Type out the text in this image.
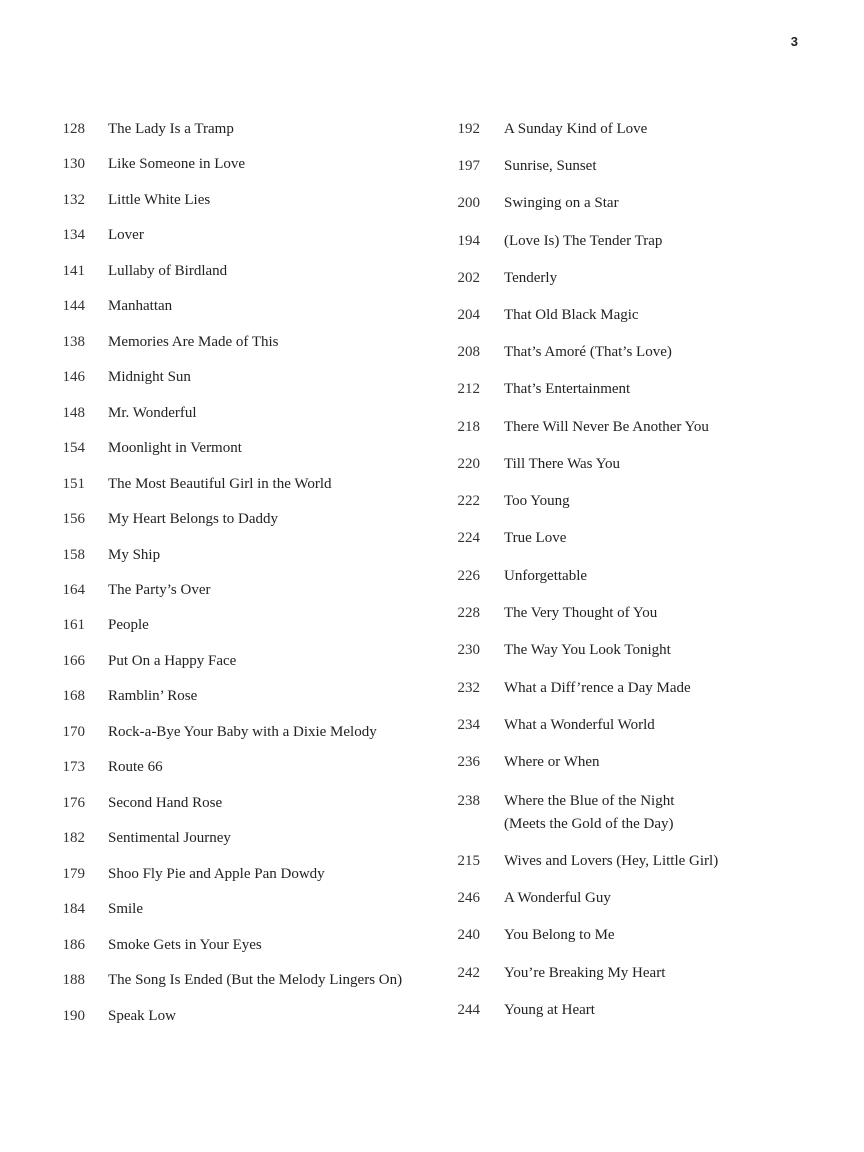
3
128 The Lady Is a Tramp
130 Like Someone in Love
132 Little White Lies
134 Lover
141 Lullaby of Birdland
144 Manhattan
138 Memories Are Made of This
146 Midnight Sun
148 Mr. Wonderful
154 Moonlight in Vermont
151 The Most Beautiful Girl in the World
156 My Heart Belongs to Daddy
158 My Ship
164 The Party’s Over
161 People
166 Put On a Happy Face
168 Ramblin’ Rose
170 Rock-a-Bye Your Baby with a Dixie Melody
173 Route 66
176 Second Hand Rose
182 Sentimental Journey
179 Shoo Fly Pie and Apple Pan Dowdy
184 Smile
186 Smoke Gets in Your Eyes
188 The Song Is Ended (But the Melody Lingers On)
190 Speak Low
192 A Sunday Kind of Love
197 Sunrise, Sunset
200 Swinging on a Star
194 (Love Is) The Tender Trap
202 Tenderly
204 That Old Black Magic
208 That’s Amoré (That’s Love)
212 That’s Entertainment
218 There Will Never Be Another You
220 Till There Was You
222 Too Young
224 True Love
226 Unforgettable
228 The Very Thought of You
230 The Way You Look Tonight
232 What a Diff’rence a Day Made
234 What a Wonderful World
236 Where or When
238 Where the Blue of the Night
(Meets the Gold of the Day)
215 Wives and Lovers (Hey, Little Girl)
246 A Wonderful Guy
240 You Belong to Me
242 You’re Breaking My Heart
244 Young at Heart
